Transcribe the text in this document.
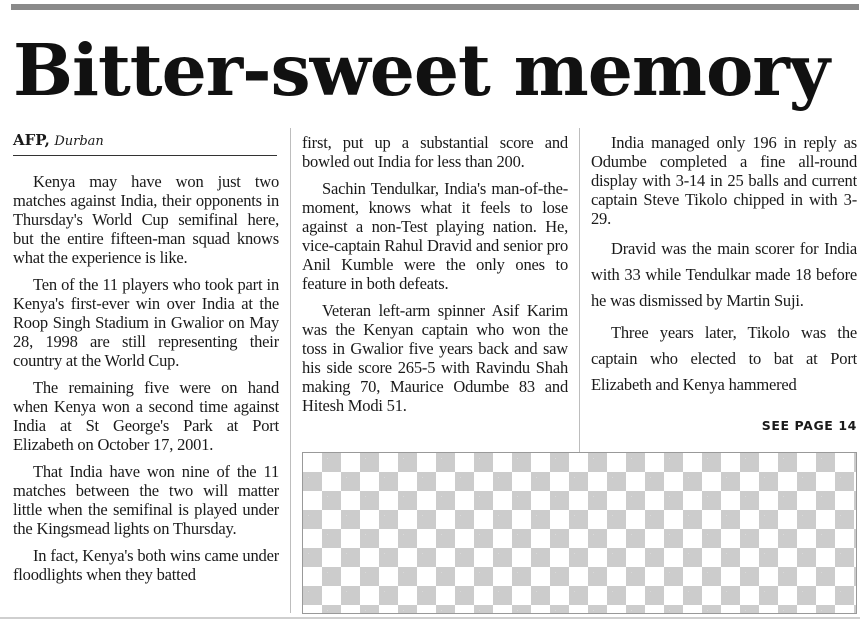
Bitter-sweet memory
AFP, Durban

Kenya may have won just two matches against India, their opponents in Thursday's World Cup semifinal here, but the entire fifteen-man squad knows what the experience is like.

Ten of the 11 players who took part in Kenya's first-ever win over India at the Roop Singh Stadium in Gwalior on May 28, 1998 are still representing their country at the World Cup.

The remaining five were on hand when Kenya won a second time against India at St George's Park at Port Elizabeth on October 17, 2001.

That India have won nine of the 11 matches between the two will matter little when the semifinal is played under the Kingsmead lights on Thursday.

In fact, Kenya's both wins came under floodlights when they batted

first, put up a substantial score and bowled out India for less than 200.

Sachin Tendulkar, India's man-of-the-moment, knows what it feels to lose against a non-Test playing nation. He, vice-captain Rahul Dravid and senior pro Anil Kumble were the only ones to feature in both defeats.

Veteran left-arm spinner Asif Karim was the Kenyan captain who won the toss in Gwalior five years back and saw his side score 265-5 with Ravindu Shah making 70, Maurice Odumbe 83 and Hitesh Modi 51.

India managed only 196 in reply as Odumbe completed a fine all-round display with 3-14 in 25 balls and current captain Steve Tikolo chipped in with 3-29.

Dravid was the main scorer for India with 33 while Tendulkar made 18 before he was dismissed by Martin Suji.

Three years later, Tikolo was the captain who elected to bat at Port Elizabeth and Kenya hammered

SEE PAGE 14
